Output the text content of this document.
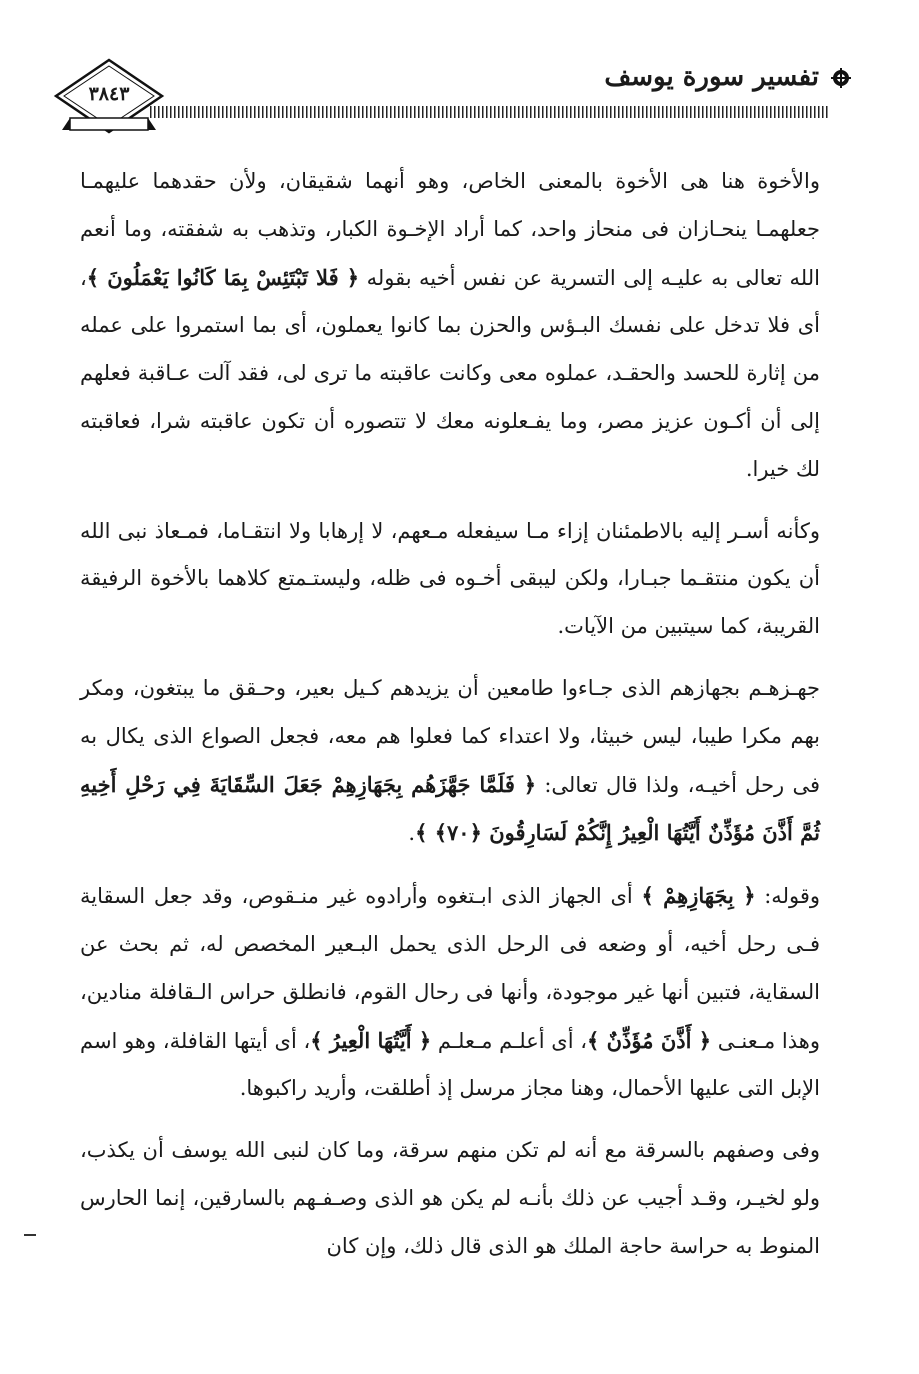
تفسير سورة يوسف
٣٨٤٣

والأخوة هنا هى الأخوة بالمعنى الخاص، وهو أنهما شقيقان، ولأن حقدهما عليهمـا جعلهمـا ينحـازان فى منحاز واحد، كما أراد الإخـوة الكبار، وتذهب به شفقته، وما أنعم الله تعالى به عليـه إلى التسرية عن نفس أخيه بقوله ﴿ فَلا تَبْتَئِسْ بِمَا كَانُوا يَعْمَلُونَ ﴾، أى فلا تدخل على نفسك البـؤس والحزن بما كانوا يعملون، أى بما استمروا على عمله من إثارة للحسد والحقـد، عملوه معى وكانت عاقبته ما ترى لى، فقد آلت عـاقبة فعلهم إلى أن أكـون عزيز مصر، وما يفـعلونه معك لا تتصوره أن تكون عاقبته شرا، فعاقبته لك خيرا.

وكأنه أسـر إليه بالاطمئنان إزاء مـا سيفعله مـعهم، لا إرهابا ولا انتقـاما، فمـعاذ نبى الله أن يكون منتقـما جبـارا، ولكن ليبقى أخـوه فى ظله، وليستـمتع كلاهما بالأخوة الرفيقة القريبة، كما سيتبين من الآيات.

جهـزهـم بجهازهم الذى جـاءوا طامعين أن يزيدهم كـيل بعير، وحـقق ما يبتغون، ومكر بهم مكرا طيبا، ليس خبيثا، ولا اعتداء كما فعلوا هم معه، فجعل الصواع الذى يكال به فى رحل أخيـه، ولذا قال تعالى: ﴿ فَلَمَّا جَهَّزَهُم بِجَهَازِهِمْ جَعَلَ السِّقَايَةَ فِي رَحْلِ أَخِيهِ ثُمَّ أَذَّنَ مُؤَذِّنٌ أَيَّتُهَا الْعِيرُ إِنَّكُمْ لَسَارِقُونَ ﴿٧٠﴾ ﴾.

وقوله: ﴿ بِجَهَازِهِمْ ﴾ أى الجهاز الذى ابـتغوه وأرادوه غير منـقوص، وقد جعل السقاية فـى رحل أخيه، أو وضعه فى الرحل الذى يحمل البـعير المخصص له، ثم بحث عن السقاية، فتبين أنها غير موجودة، وأنها فى رحال القوم، فانطلق حراس الـقافلة منادين، وهذا مـعنـى ﴿ أَذَّنَ مُؤَذِّنٌ ﴾، أى أعلـم مـعلـم ﴿ أَيَّتُهَا الْعِيرُ ﴾، أى أيتها القافلة، وهو اسم الإبل التى عليها الأحمال، وهنا مجاز مرسل إذ أطلقت، وأريد راكبوها.

وفى وصفهم بالسرقة مع أنه لم تكن منهم سرقة، وما كان لنبى الله يوسف أن يكذب، ولو لخيـر، وقـد أجيب عن ذلك بأنـه لم يكن هو الذى وصـفـهم بالسارقين، إنما الحارس المنوط به حراسة حاجة الملك هو الذى قال ذلك، وإن كان
